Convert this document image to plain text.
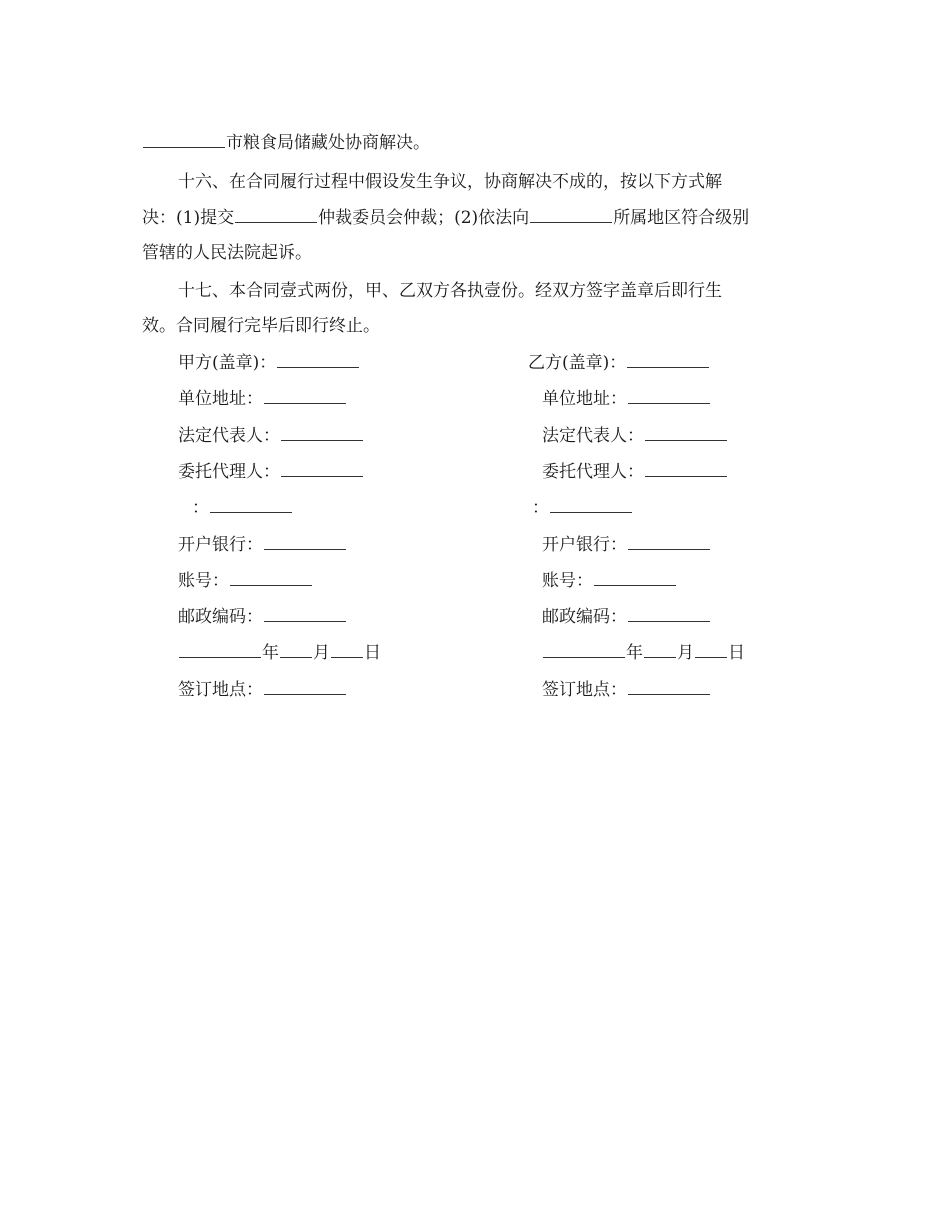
市粮食局储藏处协商解决。
十六、在合同履行过程中假设发生争议，协商解决不成的，按以下方式解
决：(1)提交	仲裁委员会仲裁；(2)依法向	所属地区符合级别
管辖的人民法院起诉。
十七、本合同壹式两份，甲、乙双方各执壹份。经双方签字盖章后即行生
效。合同履行完毕后即行终止。
甲方(盖章)：
单位地址：
法定代表人：
委托代理人：
：
开户银行：
账号：
邮政编码：
年 月 日
签订地点：
乙方(盖章)：
单位地址：
法定代表人：
委托代理人：
：
开户银行：
账号：
邮政编码：
年 月 日
签订地点：
